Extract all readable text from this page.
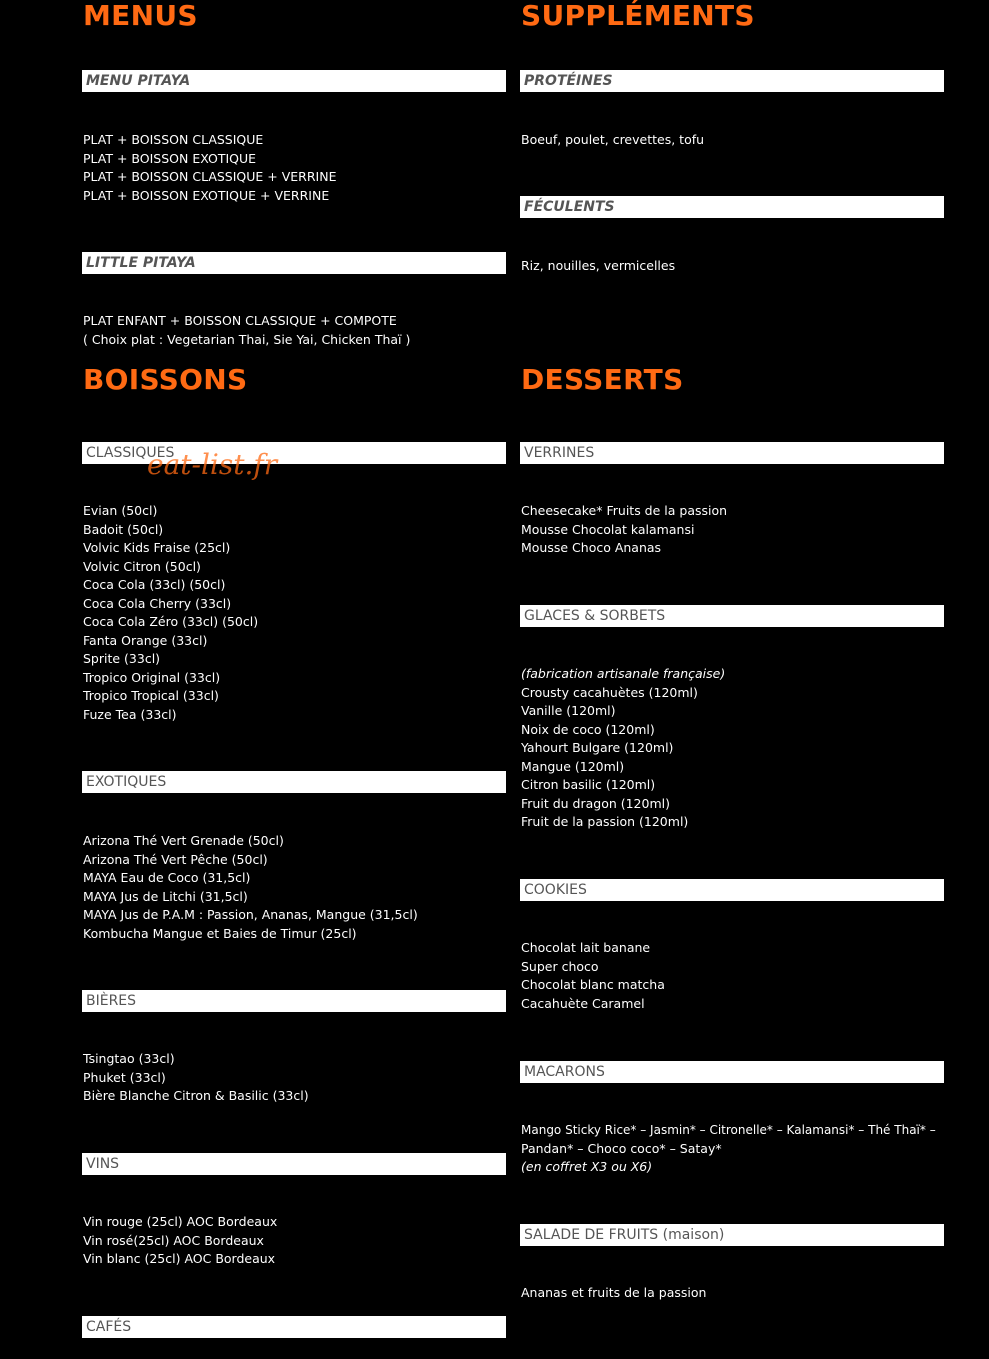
MENUS
MENU PITAYA
PLAT + BOISSON CLASSIQUE
PLAT + BOISSON EXOTIQUE
PLAT + BOISSON CLASSIQUE + VERRINE
PLAT + BOISSON EXOTIQUE + VERRINE
LITTLE PITAYA
PLAT ENFANT + BOISSON CLASSIQUE + COMPOTE
( Choix plat : Vegetarian Thai, Sie Yai, Chicken Thaï )
BOISSONS
CLASSIQUES
eat-list.fr
Evian (50cl)
Badoit (50cl)
Volvic Kids Fraise (25cl)
Volvic Citron (50cl)
Coca Cola (33cl) (50cl)
Coca Cola Cherry (33cl)
Coca Cola Zéro (33cl) (50cl)
Fanta Orange (33cl)
Sprite (33cl)
Tropico Original (33cl)
Tropico Tropical (33cl)
Fuze Tea (33cl)
EXOTIQUES
Arizona Thé Vert Grenade (50cl)
Arizona Thé Vert Pêche (50cl)
MAYA Eau de Coco (31,5cl)
MAYA Jus de Litchi (31,5cl)
MAYA Jus de P.A.M : Passion, Ananas, Mangue (31,5cl)
Kombucha Mangue et Baies de Timur (25cl)
BIÈRES
Tsingtao (33cl)
Phuket (33cl)
Bière Blanche Citron & Basilic (33cl)
VINS
Vin rouge (25cl) AOC Bordeaux
Vin rosé(25cl) AOC Bordeaux
Vin blanc (25cl) AOC Bordeaux
CAFÉS
SUPPLÉMENTS
PROTÉINES
Boeuf, poulet, crevettes, tofu
FÉCULENTS
Riz, nouilles, vermicelles
DESSERTS
VERRINES
Cheesecake* Fruits de la passion
Mousse Chocolat kalamansi
Mousse Choco Ananas
GLACES & SORBETS
(fabrication artisanale française)
Crousty cacahuètes (120ml)
Vanille (120ml)
Noix de coco (120ml)
Yahourt Bulgare (120ml)
Mangue (120ml)
Citron basilic (120ml)
Fruit du dragon (120ml)
Fruit de la passion (120ml)
COOKIES
Chocolat lait banane
Super choco
Chocolat blanc matcha
Cacahuète Caramel
MACARONS
Mango Sticky Rice* – Jasmin* – Citronelle* – Kalamansi* – Thé Thaï* –
Pandan* – Choco coco* – Satay*
(en coffret X3 ou X6)
SALADE DE FRUITS (maison)
Ananas et fruits de la passion
